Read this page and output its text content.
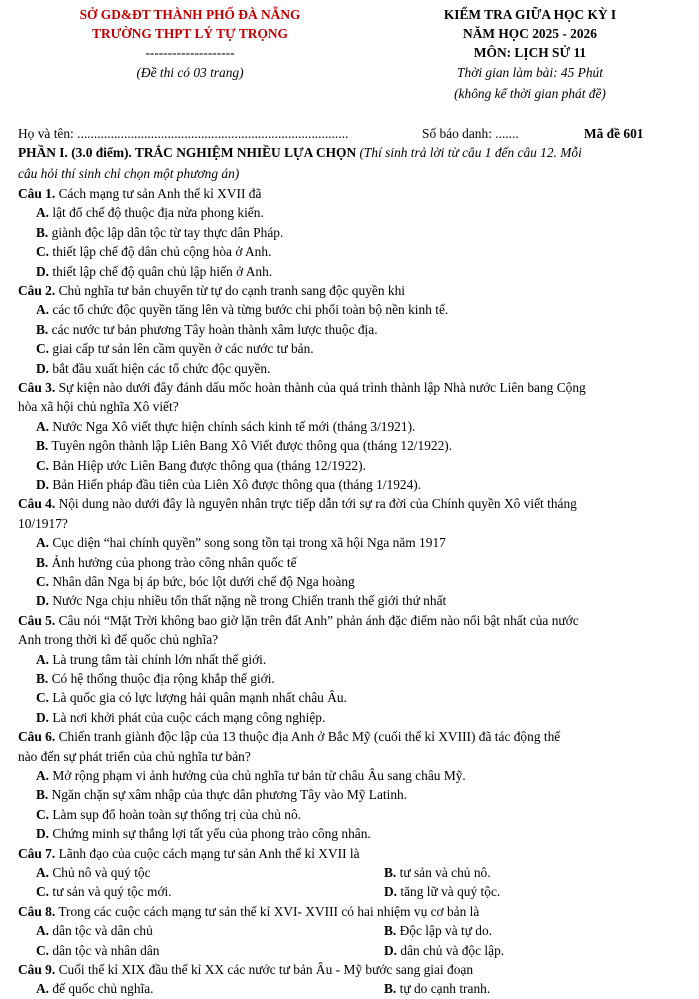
SỞ GD&ĐT THÀNH PHỐ ĐÀ NẴNG
TRƯỜNG THPT LÝ TỰ TRỌNG
--------------------
(Đề thi có 03 trang)
KIỂM TRA GIỮA HỌC KỲ I
NĂM HỌC 2025 - 2026
MÔN: LỊCH SỬ 11
Thời gian làm bài: 45 Phút
(không kể thời gian phát đề)
Họ và tên: .................................................................................	Số báo danh: .......	Mã đề 601
PHẦN I. (3.0 điểm). TRẮC NGHIỆM NHIỀU LỰA CHỌN (Thí sinh trả lời từ câu 1 đến câu 12. Mỗi
câu hỏi thí sinh chỉ chọn một phương án)
Câu 1. Cách mạng tư sản Anh thế kỉ XVII đã
A. lật đổ chế độ thuộc địa nửa phong kiến.
B. giành độc lập dân tộc từ tay thực dân Pháp.
C. thiết lập chế độ dân chủ cộng hòa ở Anh.
D. thiết lập chế độ quân chủ lập hiến ở Anh.
Câu 2. Chủ nghĩa tư bản chuyển từ tự do cạnh tranh sang độc quyền khi
A. các tổ chức độc quyền tăng lên và từng bước chi phối toàn bộ nền kinh tế.
B. các nước tư bản phương Tây hoàn thành xâm lược thuộc địa.
C. giai cấp tư sản lên cầm quyền ở các nước tư bản.
D. bắt đầu xuất hiện các tổ chức độc quyền.
Câu 3. Sự kiện nào dưới đây đánh dấu mốc hoàn thành của quá trình thành lập Nhà nước Liên bang Cộng
hòa xã hội chủ nghĩa Xô viết?
A. Nước Nga Xô viết thực hiện chính sách kinh tế mới (tháng 3/1921).
B. Tuyên ngôn thành lập Liên Bang Xô Viết được thông qua (tháng 12/1922).
C. Bản Hiệp ước Liên Bang được thông qua (tháng 12/1922).
D. Bản Hiến pháp đầu tiên của Liên Xô được thông qua (tháng 1/1924).
Câu 4. Nội dung nào dưới đây là nguyên nhân trực tiếp dẫn tới sự ra đời của Chính quyền Xô viết tháng
10/1917?
A. Cục diện “hai chính quyền” song song tồn tại trong xã hội Nga năm 1917
B. Ảnh hưởng của phong trào công nhân quốc tế
C. Nhân dân Nga bị áp bức, bóc lột dưới chế độ Nga hoàng
D. Nước Nga chịu nhiều tổn thất nặng nề trong Chiến tranh thế giới thứ nhất
Câu 5. Câu nói “Mặt Trời không bao giờ lặn trên đất Anh” phản ánh đặc điểm nào nổi bật nhất của nước
Anh trong thời kì đế quốc chủ nghĩa?
A. Là trung tâm tài chính lớn nhất thế giới.
B. Có hệ thống thuộc địa rộng khắp thế giới.
C. Là quốc gia có lực lượng hải quân mạnh nhất châu Âu.
D. Là nơi khởi phát của cuộc cách mạng công nghiệp.
Câu 6. Chiến tranh giành độc lập của 13 thuộc địa Anh ở Bắc Mỹ (cuối thế kỉ XVIII) đã tác động thế
nào đến sự phát triển của chủ nghĩa tư bản?
A. Mở rộng phạm vi ảnh hưởng của chủ nghĩa tư bản từ châu Âu sang châu Mỹ.
B. Ngăn chặn sự xâm nhập của thực dân phương Tây vào Mỹ Latinh.
C. Làm sụp đổ hoàn toàn sự thống trị của chủ nô.
D. Chứng minh sự thắng lợi tất yếu của phong trào công nhân.
Câu 7. Lãnh đạo của cuộc cách mạng tư sản Anh thế kỉ XVII là
A. Chủ nô và quý tộc	B. tư sản và chủ nô.
C. tư sản và quý tộc mới.	D. tăng lữ và quý tộc.
Câu 8. Trong các cuộc cách mạng tư sản thế kỉ XVI- XVIII có hai nhiệm vụ cơ bản là
A. dân tộc và dân chủ	B. Độc lập và tự do.
C. dân tộc và nhân dân	D. dân chủ và độc lập.
Câu 9. Cuối thế kỉ XIX đầu thế kỉ XX các nước tư bản Âu - Mỹ bước sang giai đoạn
A. đế quốc chủ nghĩa.	B. tự do cạnh tranh.
